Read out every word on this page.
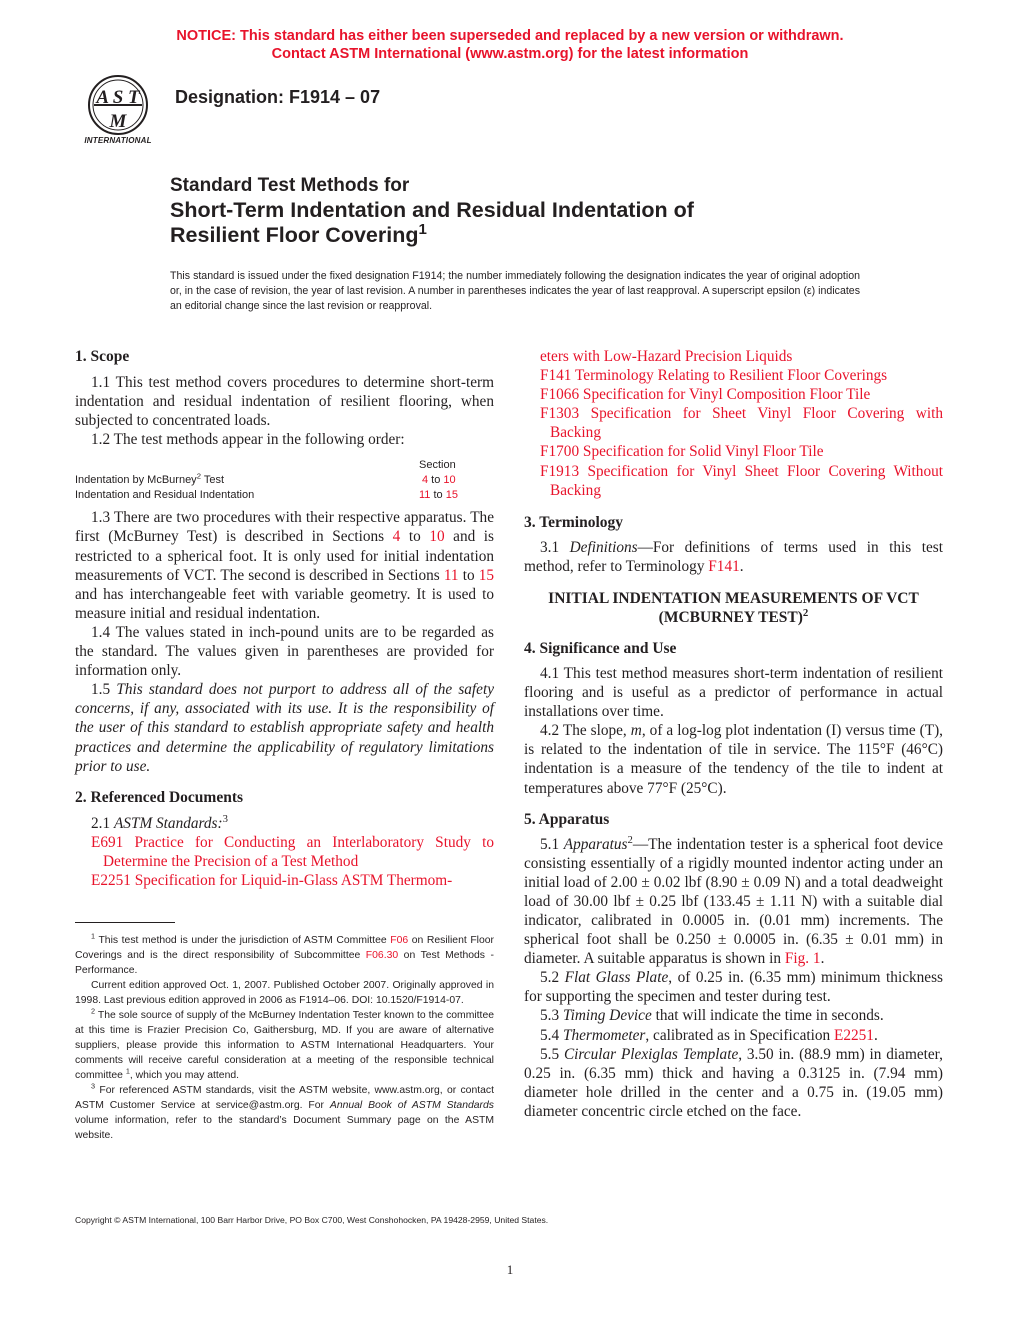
NOTICE: This standard has either been superseded and replaced by a new version or withdrawn.
Contact ASTM International (www.astm.org) for the latest information
A S T
M
INTERNATIONAL
Designation: F1914 – 07
Standard Test Methods for
Short-Term Indentation and Residual Indentation of
Resilient Floor Covering$^1$
This standard is issued under the fixed designation F1914; the number immediately following the designation indicates the year of original adoption or, in the case of revision, the year of last revision. A number in parentheses indicates the year of last reapproval. A superscript epsilon (ε) indicates an editorial change since the last revision or reapproval.
1. Scope
1.1 This test method covers procedures to determine short-term indentation and residual indentation of resilient flooring, when subjected to concentrated loads.
1.2 The test methods appear in the following order:
Section
Indentation by McBurney$^2$ Test	4 to 10
Indentation and Residual Indentation	11 to 15
1.3 There are two procedures with their respective apparatus. The first (McBurney Test) is described in Sections 4 to 10 and is restricted to a spherical foot. It is only used for initial indentation measurements of VCT. The second is described in Sections 11 to 15 and has interchangeable feet with variable geometry. It is used to measure initial and residual indentation.
1.4 The values stated in inch-pound units are to be regarded as the standard. The values given in parentheses are provided for information only.
1.5 This standard does not purport to address all of the safety concerns, if any, associated with its use. It is the responsibility of the user of this standard to establish appropriate safety and health practices and determine the applicability of regulatory limitations prior to use.
2. Referenced Documents
2.1 ASTM Standards:$^3$
E691 Practice for Conducting an Interlaboratory Study to Determine the Precision of a Test Method
E2251 Specification for Liquid-in-Glass ASTM Thermom-
$^1$ This test method is under the jurisdiction of ASTM Committee F06 on Resilient Floor Coverings and is the direct responsibility of Subcommittee F06.30 on Test Methods - Performance.
Current edition approved Oct. 1, 2007. Published October 2007. Originally approved in 1998. Last previous edition approved in 2006 as F1914–06. DOI: 10.1520/F1914-07.
$^2$ The sole source of supply of the McBurney Indentation Tester known to the committee at this time is Frazier Precision Co, Gaithersburg, MD. If you are aware of alternative suppliers, please provide this information to ASTM International Headquarters. Your comments will receive careful consideration at a meeting of the responsible technical committee $^1$, which you may attend.
$^3$ For referenced ASTM standards, visit the ASTM website, www.astm.org, or contact ASTM Customer Service at service@astm.org. For Annual Book of ASTM Standards volume information, refer to the standard’s Document Summary page on the ASTM website.
eters with Low-Hazard Precision Liquids
F141 Terminology Relating to Resilient Floor Coverings
F1066 Specification for Vinyl Composition Floor Tile
F1303 Specification for Sheet Vinyl Floor Covering with Backing
F1700 Specification for Solid Vinyl Floor Tile
F1913 Specification for Vinyl Sheet Floor Covering Without Backing
3. Terminology
3.1 Definitions—For definitions of terms used in this test method, refer to Terminology F141.
INITIAL INDENTATION MEASUREMENTS OF VCT
(MCBURNEY TEST)$^2$
4. Significance and Use
4.1 This test method measures short-term indentation of resilient flooring and is useful as a predictor of performance in actual installations over time.
4.2 The slope, m, of a log-log plot indentation (I) versus time (T), is related to the indentation of tile in service. The 115°F (46°C) indentation is a measure of the tendency of the tile to indent at temperatures above 77°F (25°C).
5. Apparatus
5.1 Apparatus$^2$—The indentation tester is a spherical foot device consisting essentially of a rigidly mounted indentor acting under an initial load of 2.00 ± 0.02 lbf (8.90 ± 0.09 N) and a total deadweight load of 30.00 lbf ± 0.25 lbf (133.45 ± 1.11 N) with a suitable dial indicator, calibrated in 0.0005 in. (0.01 mm) increments. The spherical foot shall be 0.250 ± 0.0005 in. (6.35 ± 0.01 mm) in diameter. A suitable apparatus is shown in Fig. 1.
5.2 Flat Glass Plate, of 0.25 in. (6.35 mm) minimum thickness for supporting the specimen and tester during test.
5.3 Timing Device that will indicate the time in seconds.
5.4 Thermometer, calibrated as in Specification E2251.
5.5 Circular Plexiglas Template, 3.50 in. (88.9 mm) in diameter, 0.25 in. (6.35 mm) thick and having a 0.3125 in. (7.94 mm) diameter hole drilled in the center and a 0.75 in. (19.05 mm) diameter concentric circle etched on the face.
Copyright © ASTM International, 100 Barr Harbor Drive, PO Box C700, West Conshohocken, PA 19428-2959, United States.
1
